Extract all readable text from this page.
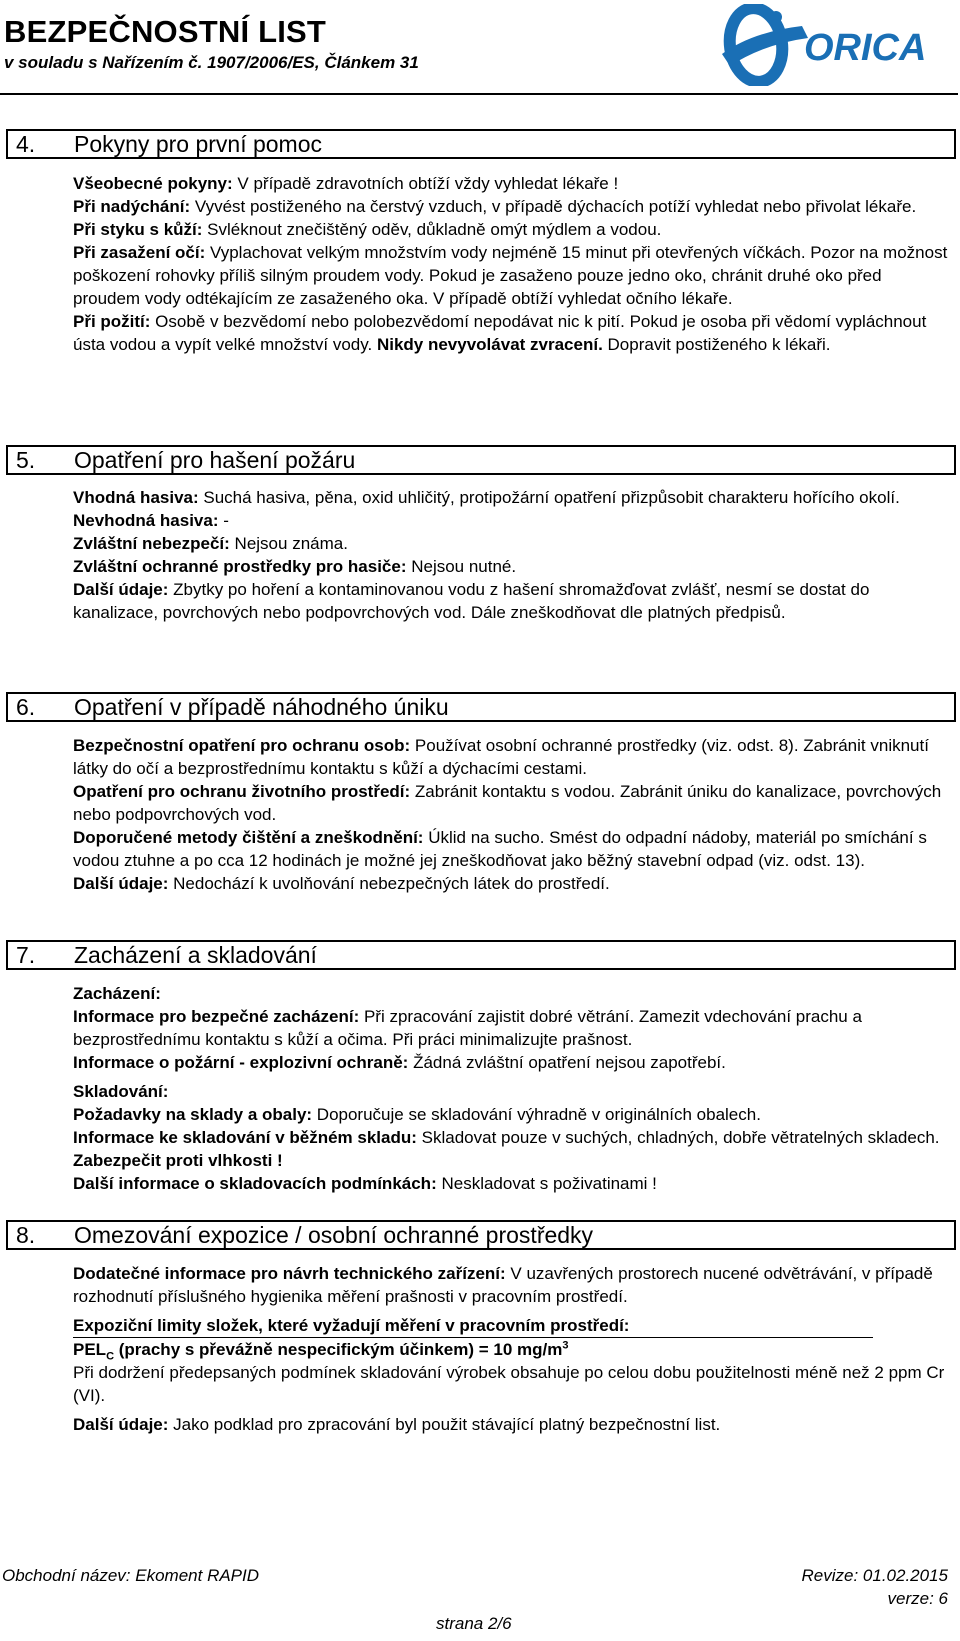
BEZPEČNOSTNÍ LIST
v souladu s Nařízením č. 1907/2006/ES, Článkem 31	ORICA
4. Pokyny pro první pomoc

Všeobecné pokyny: V případě zdravotních obtíží vždy vyhledat lékaře !

Při nadýchání: Vyvést postiženého na čerstvý vzduch, v případě dýchacích potíží vyhledat nebo přivolat lékaře.

Při styku s kůží: Svléknout znečištěný oděv, důkladně omýt mýdlem a vodou.

Při zasažení očí: Vyplachovat velkým množstvím vody nejméně 15 minut při otevřených víčkách. Pozor na možnost poškození rohovky příliš silným proudem vody. Pokud je zasaženo pouze jedno oko, chránit druhé oko před proudem vody odtékajícím ze zasaženého oka. V případě obtíží vyhledat očního lékaře.

Při požití: Osobě v bezvědomí nebo polobezvědomí nepodávat nic k pití. Pokud je osoba při vědomí vypláchnout ústa vodou a vypít velké množství vody. Nikdy nevyvolávat zvracení. Dopravit postiženého k lékaři.

5. Opatření pro hašení požáru

Vhodná hasiva: Suchá hasiva, pěna, oxid uhličitý, protipožární opatření přizpůsobit charakteru hořícího okolí.

Nevhodná hasiva: -

Zvláštní nebezpečí: Nejsou známa.

Zvláštní ochranné prostředky pro hasiče: Nejsou nutné.

Další údaje: Zbytky po hoření a kontaminovanou vodu z hašení shromažďovat zvlášť, nesmí se dostat do kanalizace, povrchových nebo podpovrchových vod. Dále zneškodňovat dle platných předpisů.

6. Opatření v případě náhodného úniku

Bezpečnostní opatření pro ochranu osob: Používat osobní ochranné prostředky (viz. odst. 8). Zabránit vniknutí látky do očí a bezprostřednímu kontaktu s kůží a dýchacími cestami.

Opatření pro ochranu životního prostředí: Zabránit kontaktu s vodou. Zabránit úniku do kanalizace, povrchových nebo podpovrchových vod.

Doporučené metody čištění a zneškodnění: Úklid na sucho. Smést do odpadní nádoby, materiál po smíchání s vodou ztuhne a po cca 12 hodinách je možné jej zneškodňovat jako běžný stavební odpad (viz. odst. 13).

Další údaje: Nedochází k uvolňování nebezpečných látek do prostředí.

7. Zacházení a skladování

Zacházení:

Informace pro bezpečné zacházení: Při zpracování zajistit dobré větrání. Zamezit vdechování prachu a bezprostřednímu kontaktu s kůží a očima. Při práci minimalizujte prašnost.

Informace o požární - explozivní ochraně: Žádná zvláštní opatření nejsou zapotřebí.

Skladování:

Požadavky na sklady a obaly: Doporučuje se skladování výhradně v originálních obalech.

Informace ke skladování v běžném skladu: Skladovat pouze v suchých, chladných, dobře větratelných skladech. Zabezpečit proti vlhkosti !

Další informace o skladovacích podmínkách: Neskladovat s poživatinami !

8. Omezování expozice / osobní ochranné prostředky

Dodatečné informace pro návrh technického zařízení: V uzavřených prostorech nucené odvětrávání, v případě rozhodnutí příslušného hygienika měření prašnosti v pracovním prostředí.

Expoziční limity složek, které vyžadují měření v pracovním prostředí:

$PEL_C$ (prachy s převážně nespecifickým účinkem) = 10 $mg/m^3$

Při dodržení předepsaných podmínek skladování výrobek obsahuje po celou dobu použitelnosti méně než 2 ppm Cr (VI).

Další údaje: Jako podklad pro zpracování byl použit stávající platný bezpečnostní list.

Obchodní název: Ekoment RAPID	Revize: 01.02.2015
verze: 6
strana 2/6
